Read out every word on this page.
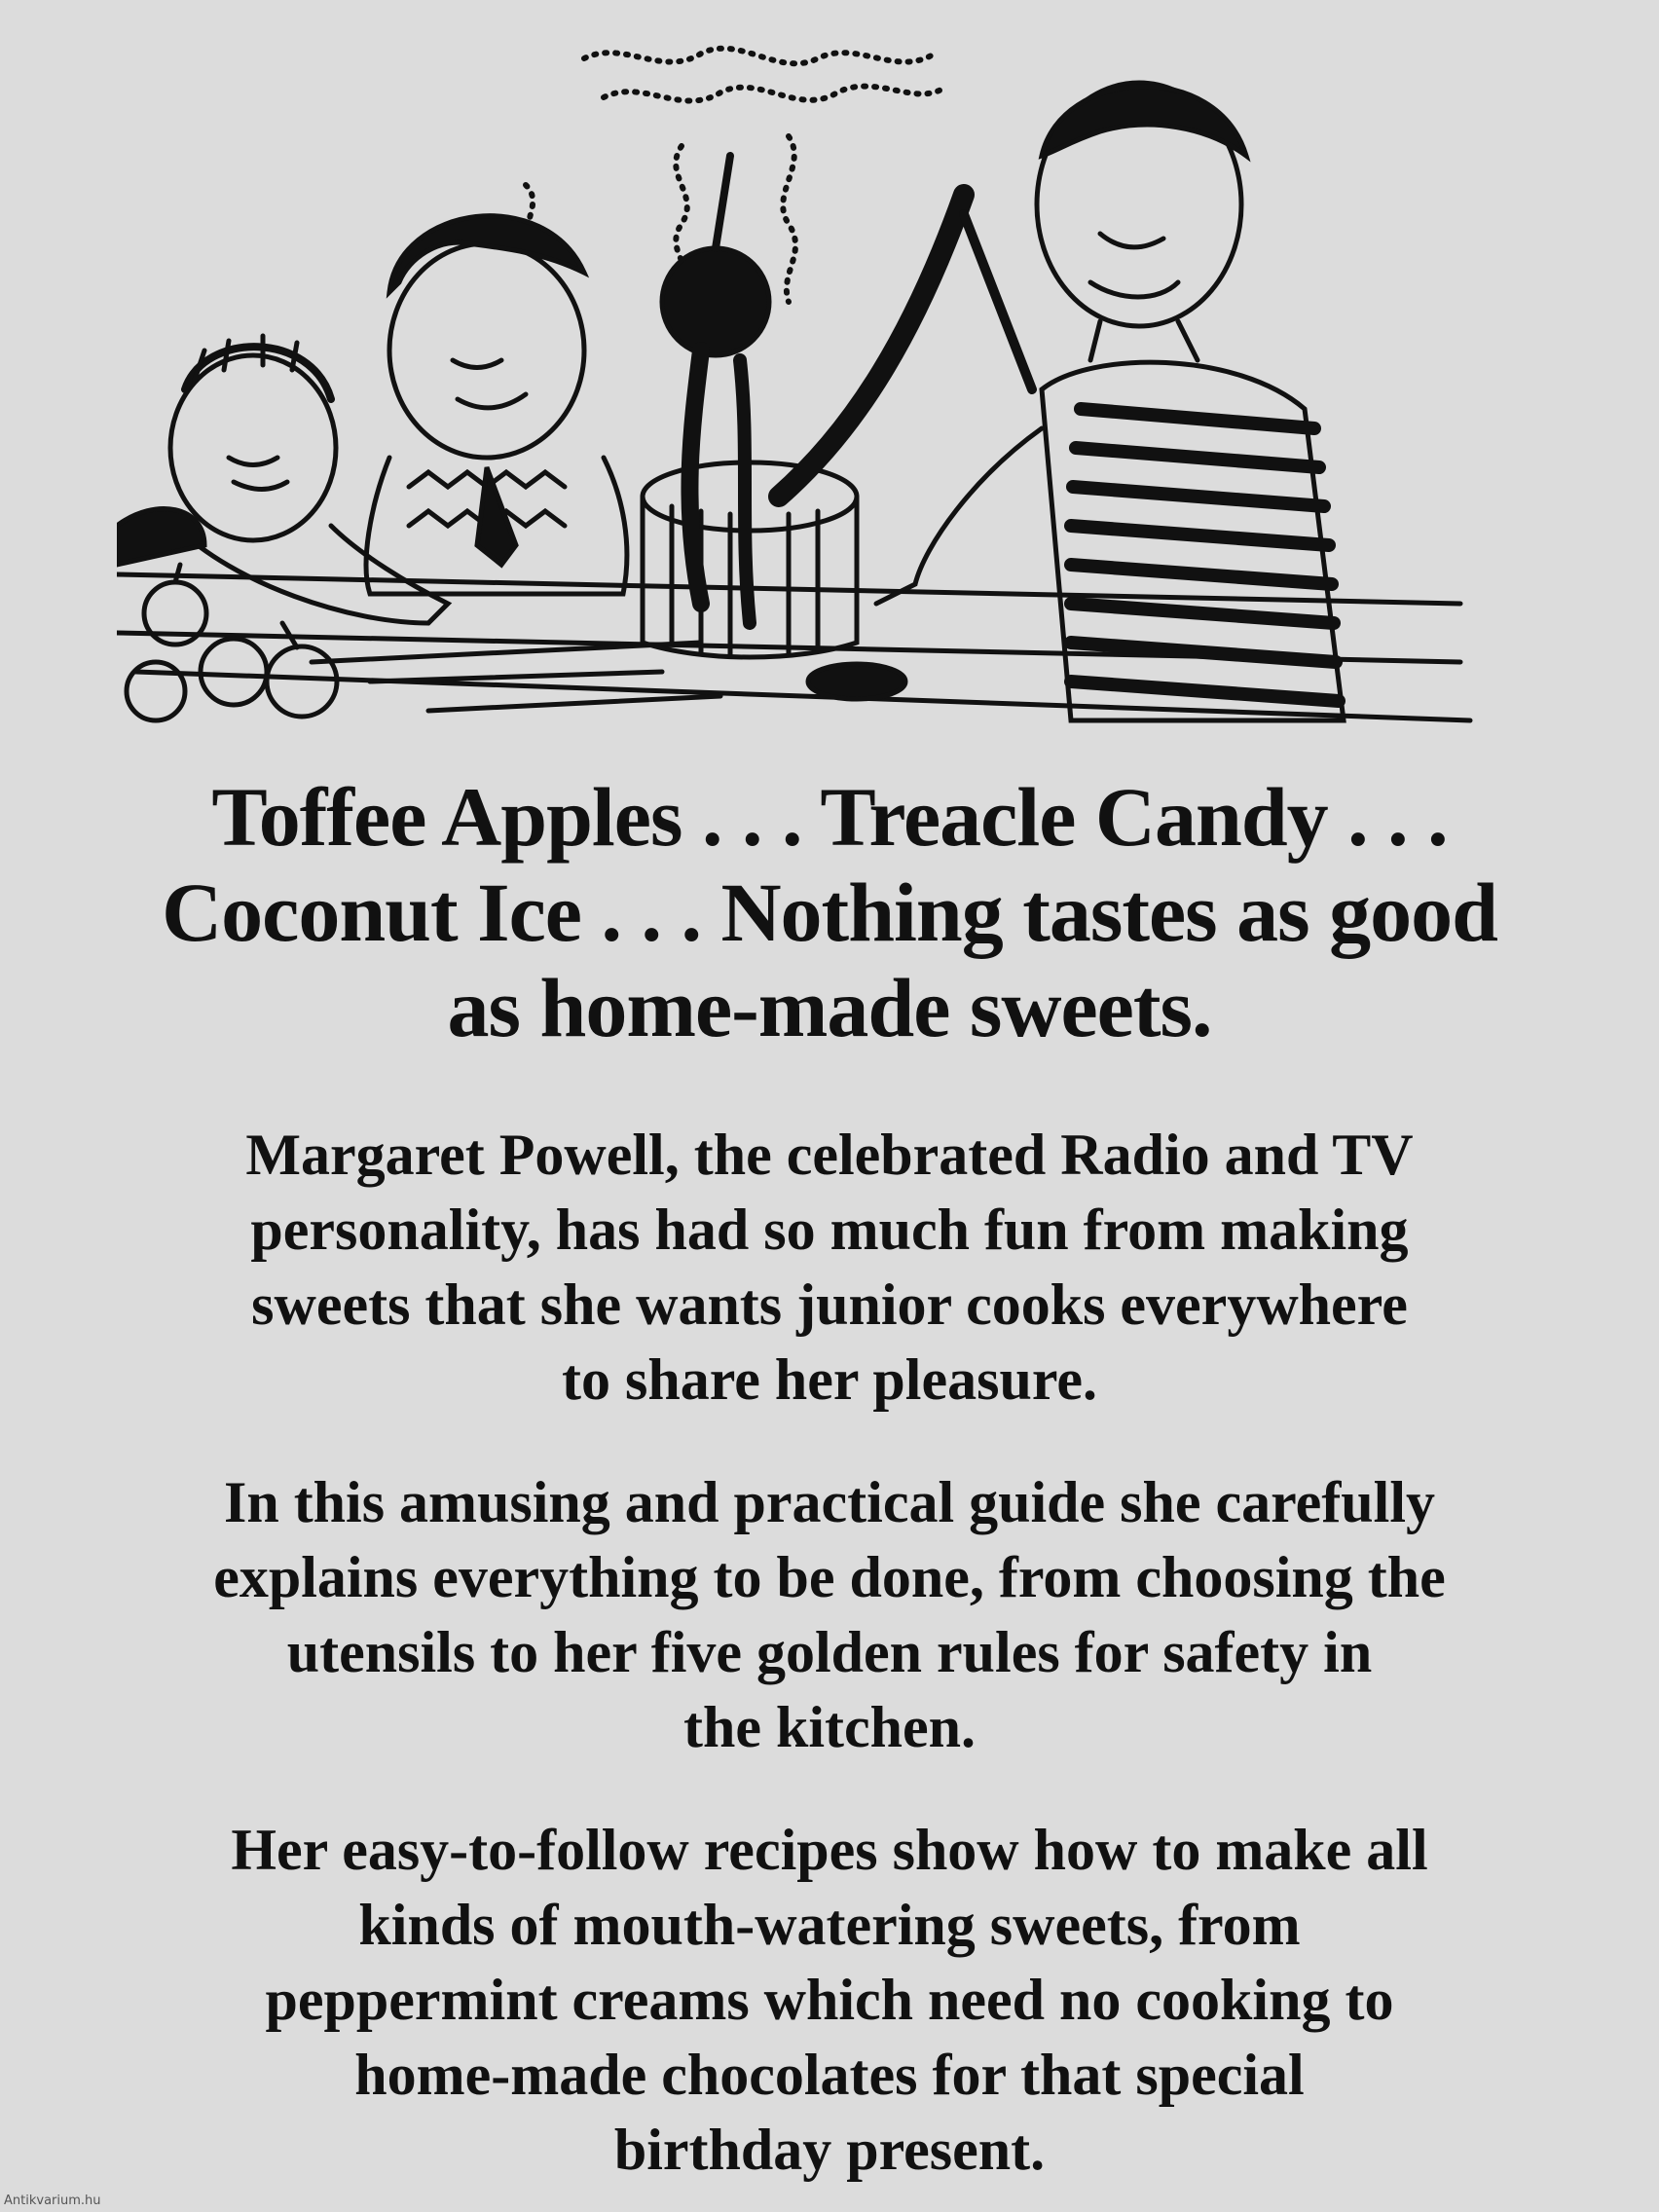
Toffee Apples . . . Treacle Candy . . .
Coconut Ice . . . Nothing tastes as good
as home-made sweets.

Margaret Powell, the celebrated Radio and TV
personality, has had so much fun from making
sweets that she wants junior cooks everywhere
to share her pleasure.

In this amusing and practical guide she carefully
explains everything to be done, from choosing the
utensils to her five golden rules for safety in
the kitchen.

Her easy-to-follow recipes show how to make all
kinds of mouth-watering sweets, from
peppermint creams which need no cooking to
home-made chocolates for that special
birthday present.

Antikvarium.hu
